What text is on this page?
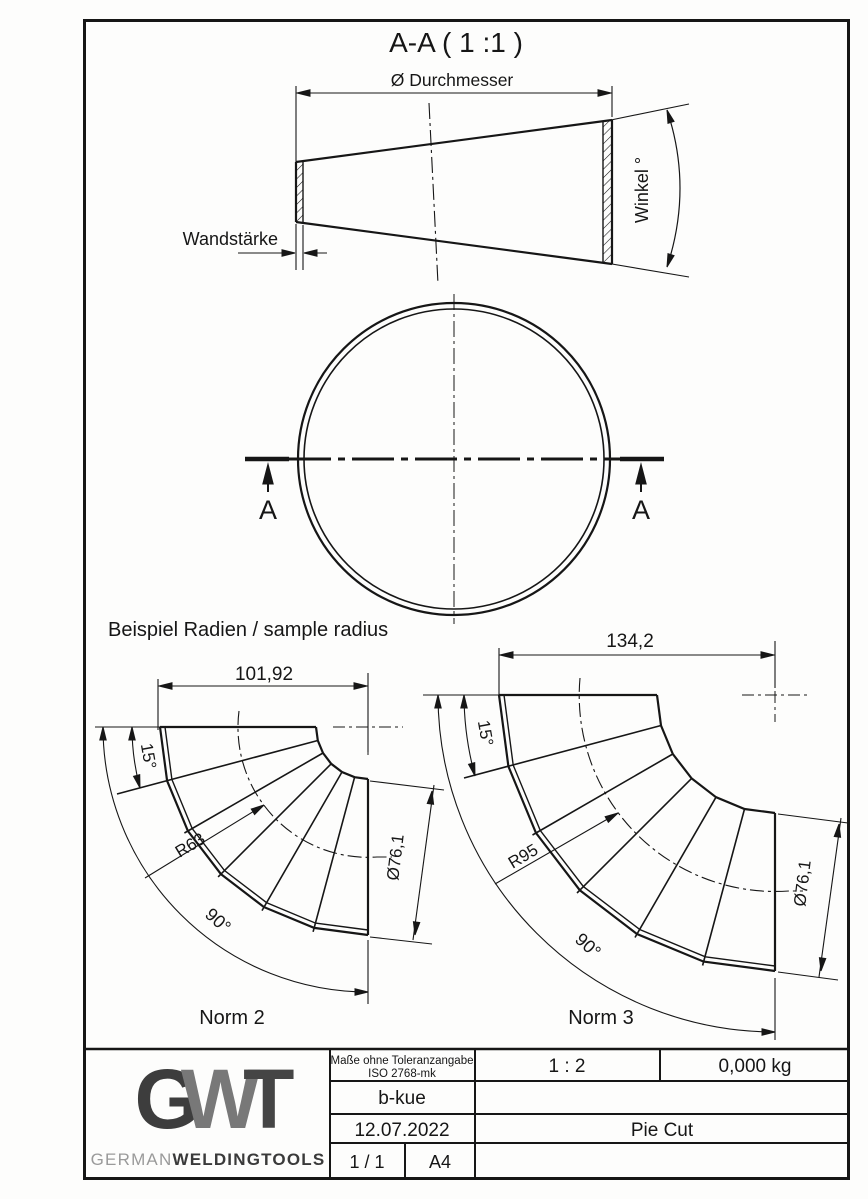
A-A ( 1 :1 )
Ø Durchmesser
Wandstärke
Winkel °
A	A
Beispiel Radien / sample radius
101,92
15°
R63
90°
Ø76,1
Norm 2
134,2
15°
R95
90°
Ø76,1
Norm 3
Maße ohne Toleranzangabe
ISO 2768-mk	1 : 2	0,000 kg
b-kue
12.07.2022	Pie Cut
1 / 1 A4
G
W
T
GERMANWELDINGTOOLS
